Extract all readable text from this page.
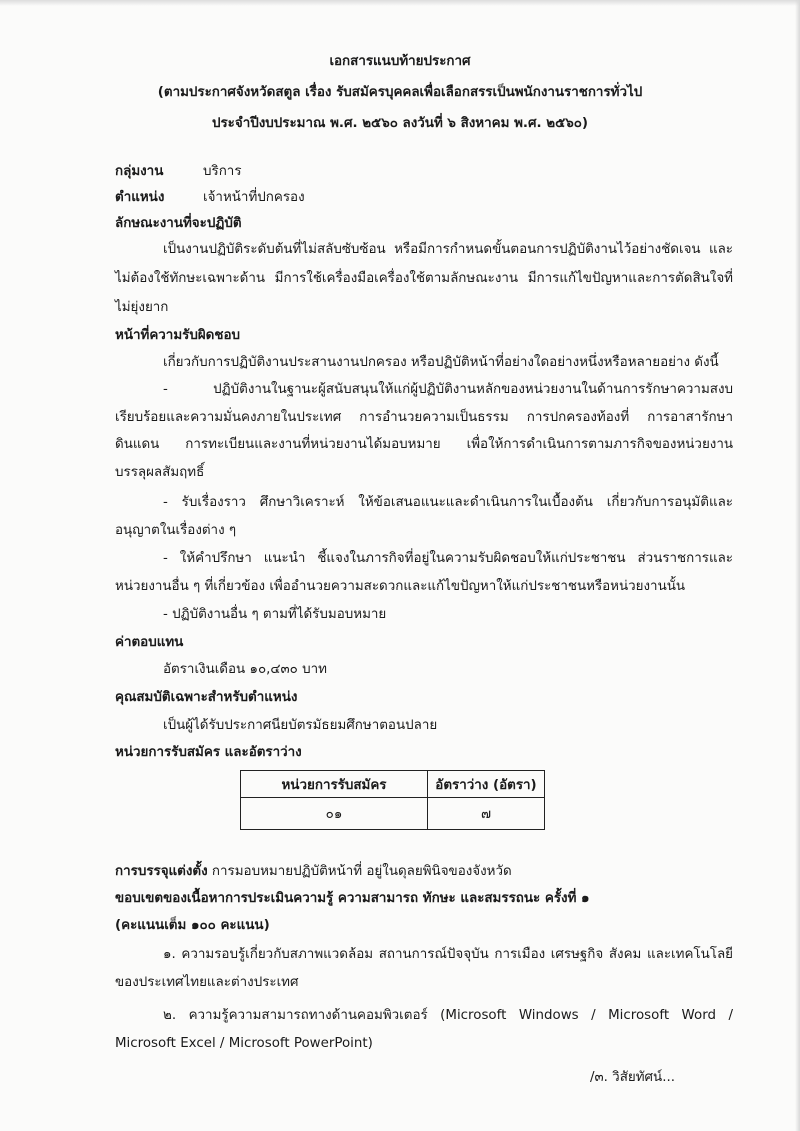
เอกสารแนบท้ายประกาศ
(ตามประกาศจังหวัดสตูล เรื่อง รับสมัครบุคคลเพื่อเลือกสรรเป็นพนักงานราชการทั่วไป
ประจำปีงบประมาณ พ.ศ. ๒๕๖๐ ลงวันที่ ๖ สิงหาคม พ.ศ. ๒๕๖๐)
กลุ่มงาน	บริการ
ตำแหน่ง	เจ้าหน้าที่ปกครอง
ลักษณะงานที่จะปฏิบัติ
เป็นงานปฏิบัติระดับต้นที่ไม่สลับซับซ้อน หรือมีการกำหนดขั้นตอนการปฏิบัติงานไว้อย่างชัดเจน และ
ไม่ต้องใช้ทักษะเฉพาะด้าน มีการใช้เครื่องมือเครื่องใช้ตามลักษณะงาน มีการแก้ไขปัญหาและการตัดสินใจที่
ไม่ยุ่งยาก
หน้าที่ความรับผิดชอบ
เกี่ยวกับการปฏิบัติงานประสานงานปกครอง หรือปฏิบัติหน้าที่อย่างใดอย่างหนึ่งหรือหลายอย่าง ดังนี้
- ปฏิบัติงานในฐานะผู้สนับสนุนให้แก่ผู้ปฏิบัติงานหลักของหน่วยงานในด้านการรักษาความสงบ
เรียบร้อยและความมั่นคงภายในประเทศ การอำนวยความเป็นธรรม การปกครองท้องที่ การอาสารักษา
ดินแดน การทะเบียนและงานที่หน่วยงานได้มอบหมาย เพื่อให้การดำเนินการตามภารกิจของหน่วยงาน
บรรลุผลสัมฤทธิ์
- รับเรื่องราว ศึกษาวิเคราะห์ ให้ข้อเสนอแนะและดำเนินการในเบื้องต้น เกี่ยวกับการอนุมัติและ
อนุญาตในเรื่องต่าง ๆ
- ให้คำปรึกษา แนะนำ ชี้แจงในภารกิจที่อยู่ในความรับผิดชอบให้แก่ประชาชน ส่วนราชการและ
หน่วยงานอื่น ๆ ที่เกี่ยวข้อง เพื่ออำนวยความสะดวกและแก้ไขปัญหาให้แก่ประชาชนหรือหน่วยงานนั้น
- ปฏิบัติงานอื่น ๆ ตามที่ได้รับมอบหมาย
ค่าตอบแทน
อัตราเงินเดือน ๑๐,๔๓๐ บาท
คุณสมบัติเฉพาะสำหรับตำแหน่ง
เป็นผู้ได้รับประกาศนียบัตรมัธยมศึกษาตอนปลาย
หน่วยการรับสมัคร และอัตราว่าง
หน่วยการรับสมัคร	อัตราว่าง (อัตรา)
๐๑	๗
การบรรจุแต่งตั้ง การมอบหมายปฏิบัติหน้าที่ อยู่ในดุลยพินิจของจังหวัด
ขอบเขตของเนื้อหาการประเมินความรู้ ความสามารถ ทักษะ และสมรรถนะ ครั้งที่ ๑
(คะแนนเต็ม ๑๐๐ คะแนน)
๑. ความรอบรู้เกี่ยวกับสภาพแวดล้อม สถานการณ์ปัจจุบัน การเมือง เศรษฐกิจ สังคม และเทคโนโลยี
ของประเทศไทยและต่างประเทศ
๒. ความรู้ความสามารถทางด้านคอมพิวเตอร์ (Microsoft Windows / Microsoft Word /
Microsoft Excel / Microsoft PowerPoint)
/๓. วิสัยทัศน์...
